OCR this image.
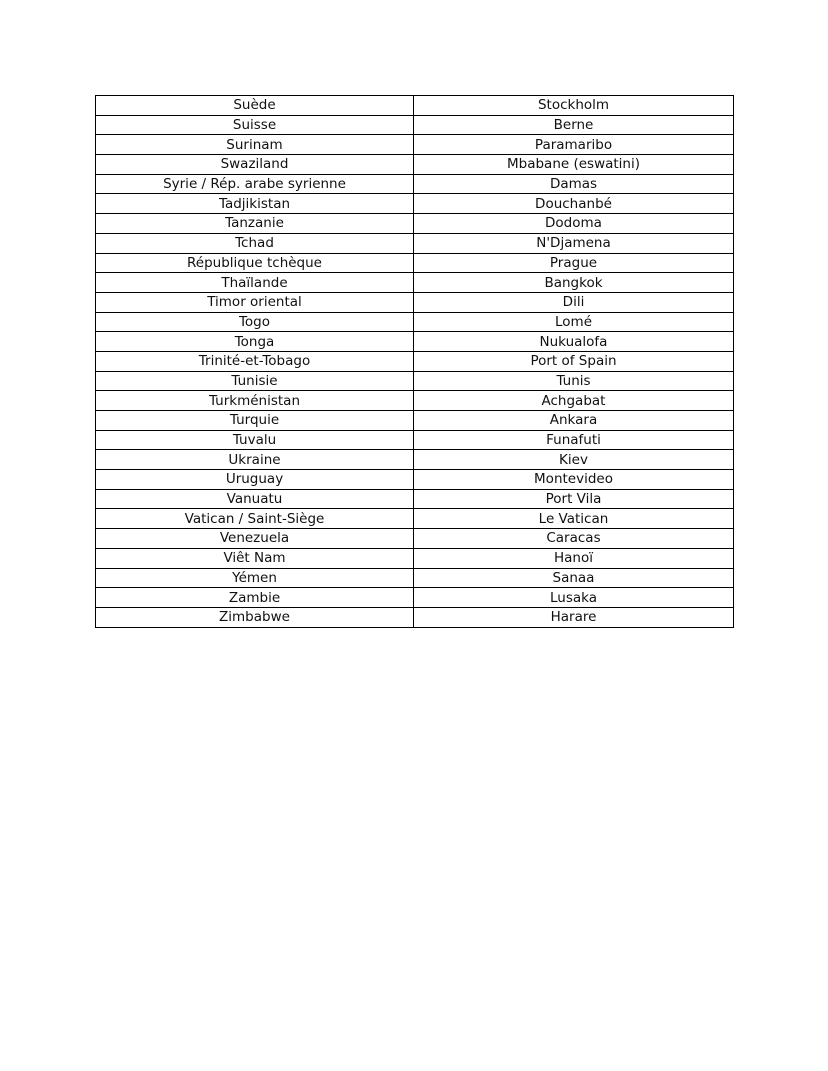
Suède	Stockholm
Suisse	Berne
Surinam	Paramaribo
Swaziland	Mbabane (eswatini)
Syrie / Rép. arabe syrienne	Damas
Tadjikistan	Douchanbé
Tanzanie	Dodoma
Tchad	N'Djamena
République tchèque	Prague
Thaïlande	Bangkok
Timor oriental	Dili
Togo	Lomé
Tonga	Nukualofa
Trinité-et-Tobago	Port of Spain
Tunisie	Tunis
Turkménistan	Achgabat
Turquie	Ankara
Tuvalu	Funafuti
Ukraine	Kiev
Uruguay	Montevideo
Vanuatu	Port Vila
Vatican / Saint-Siège	Le Vatican
Venezuela	Caracas
Viêt Nam	Hanoï
Yémen	Sanaa
Zambie	Lusaka
Zimbabwe	Harare
